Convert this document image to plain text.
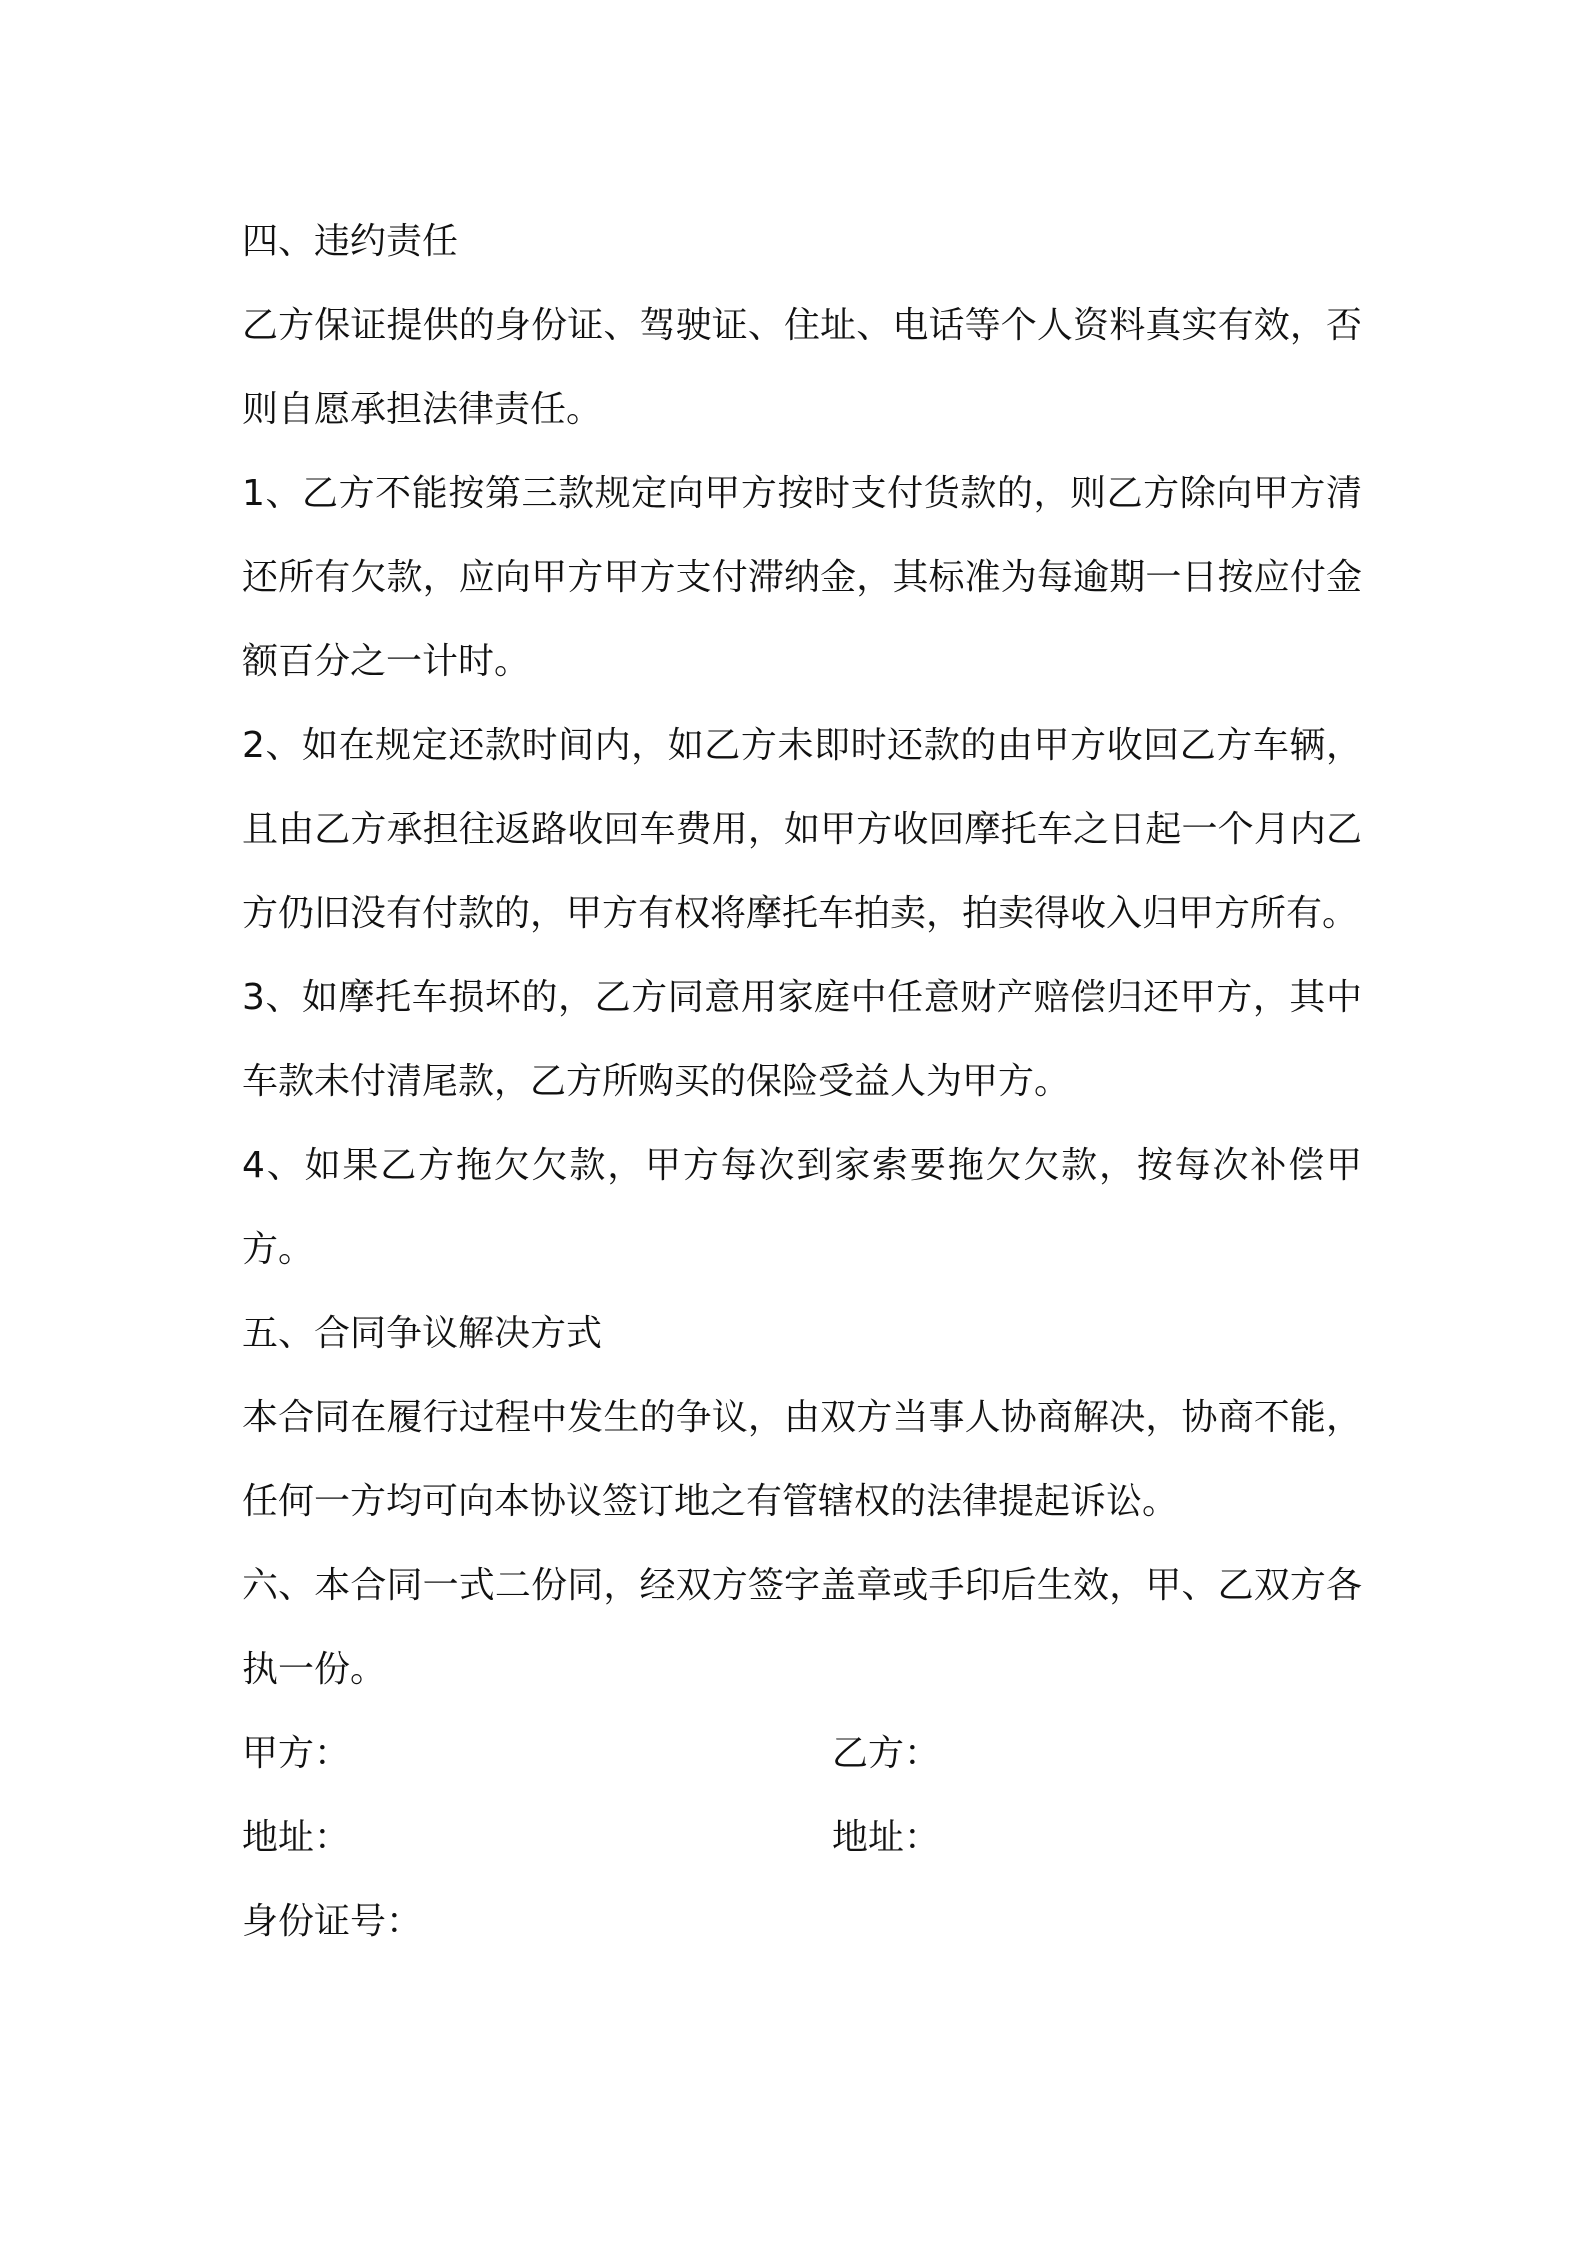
四、违约责任

乙方保证提供的身份证、驾驶证、住址、电话等个人资料真实有效，否则自愿承担法律责任。

1、乙方不能按第三款规定向甲方按时支付货款的，则乙方除向甲方清还所有欠款，应向甲方甲方支付滞纳金，其标准为每逾期一日按应付金额百分之一计时。

2、如在规定还款时间内，如乙方未即时还款的由甲方收回乙方车辆，且由乙方承担往返路收回车费用，如甲方收回摩托车之日起一个月内乙方仍旧没有付款的，甲方有权将摩托车拍卖，拍卖得收入归甲方所有。

3、如摩托车损坏的，乙方同意用家庭中任意财产赔偿归还甲方，其中车款未付清尾款，乙方所购买的保险受益人为甲方。

4、如果乙方拖欠欠款，甲方每次到家索要拖欠欠款，按每次补偿甲方。

五、合同争议解决方式

本合同在履行过程中发生的争议，由双方当事人协商解决，协商不能，任何一方均可向本协议签订地之有管辖权的法律提起诉讼。

六、本合同一式二份同，经双方签字盖章或手印后生效，甲、乙双方各执一份。

甲方：	乙方：
地址：	地址：
身份证号：
